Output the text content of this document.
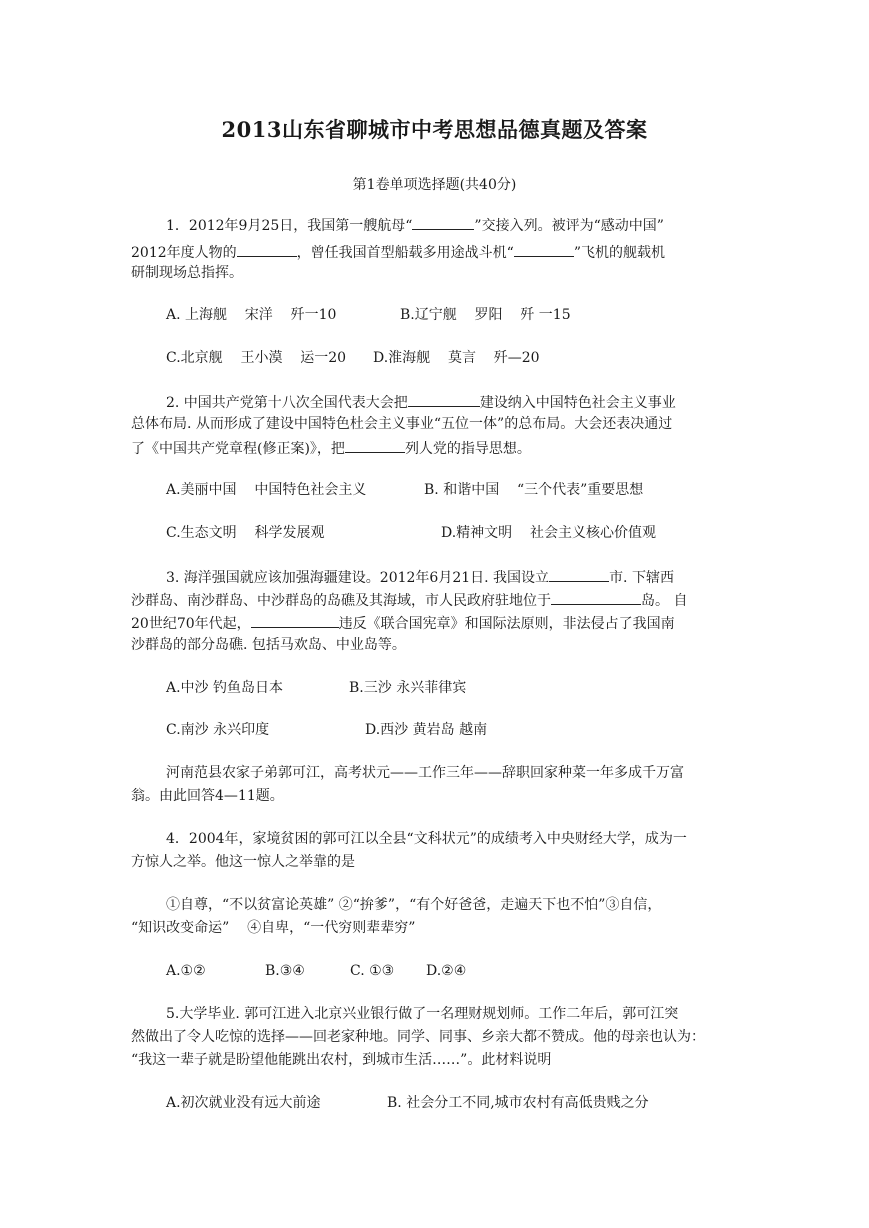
2013山东省聊城市中考思想品德真题及答案
第1卷单项选择题(共40分)
1．2012年9月25日，我国第一艘航母“	”交接入列。被评为“感动中国”
2012年度人物的	，曾任我国首型船载多用途战斗机“	”飞机的舰载机
研制现场总指挥。
A. 上海舰    宋洋    歼一10	B.辽宁舰    罗阳    歼 一15
C.北京舰    王小漠    运一20 D.淮海舰    莫言    歼—20
2. 中国共产党第十八次全国代表大会把	建设纳入中国特色社会主义事业
总体布局. 从而形成了建设中国特色杜会主义事业“五位一体”的总布局。大会还表决通过
了《中国共产党章程(修正案)》，把	列人党的指导思想。
A.美丽中国    中国特色社会主义	B. 和谐中国    “三个代表”重要思想
C.生态文明    科学发展观	D.精神文明    社会主义核心价值观
3. 海洋强国就应该加强海疆建设。2012年6月21日. 我国设立	市. 下辖西
沙群岛、南沙群岛、中沙群岛的岛礁及其海域，市人民政府驻地位于	岛。 自
20世纪70年代起，	违反《联合国宪章》和国际法原则，非法侵占了我国南
沙群岛的部分岛礁. 包括马欢岛、中业岛等。
A.中沙 钓鱼岛日本	B.三沙 永兴菲律宾
C.南沙 永兴印度	D.西沙 黄岩岛 越南
河南范县农家子弟郭可江，高考状元——工作三年——辞职回家种菜一年多成千万富
翁。由此回答4—11题。
4．2004年，家境贫困的郭可江以全县“文科状元”的成绩考入中央财经大学，成为一
方惊人之举。他这一惊人之举靠的是
①自尊，“不以贫富论英雄” ②“拚爹”，“有个好爸爸，走遍天下也不怕”③自信，
“知识改变命运”    ④自卑，“一代穷则辈辈穷”
A.①②	B.③④	C. ①③ D.②④
5.大学毕业. 郭可江进入北京兴业银行做了一名理财规划师。工作二年后，郭可江突
然做出了令人吃惊的选择——回老家种地。同学、同事、乡亲大都不赞成。他的母亲也认为：
“我这一辈子就是盼望他能跳出农村，到城市生活……”。此材料说明
A.初次就业没有远大前途	B. 社会分工不同,城市农村有高低贵贱之分
